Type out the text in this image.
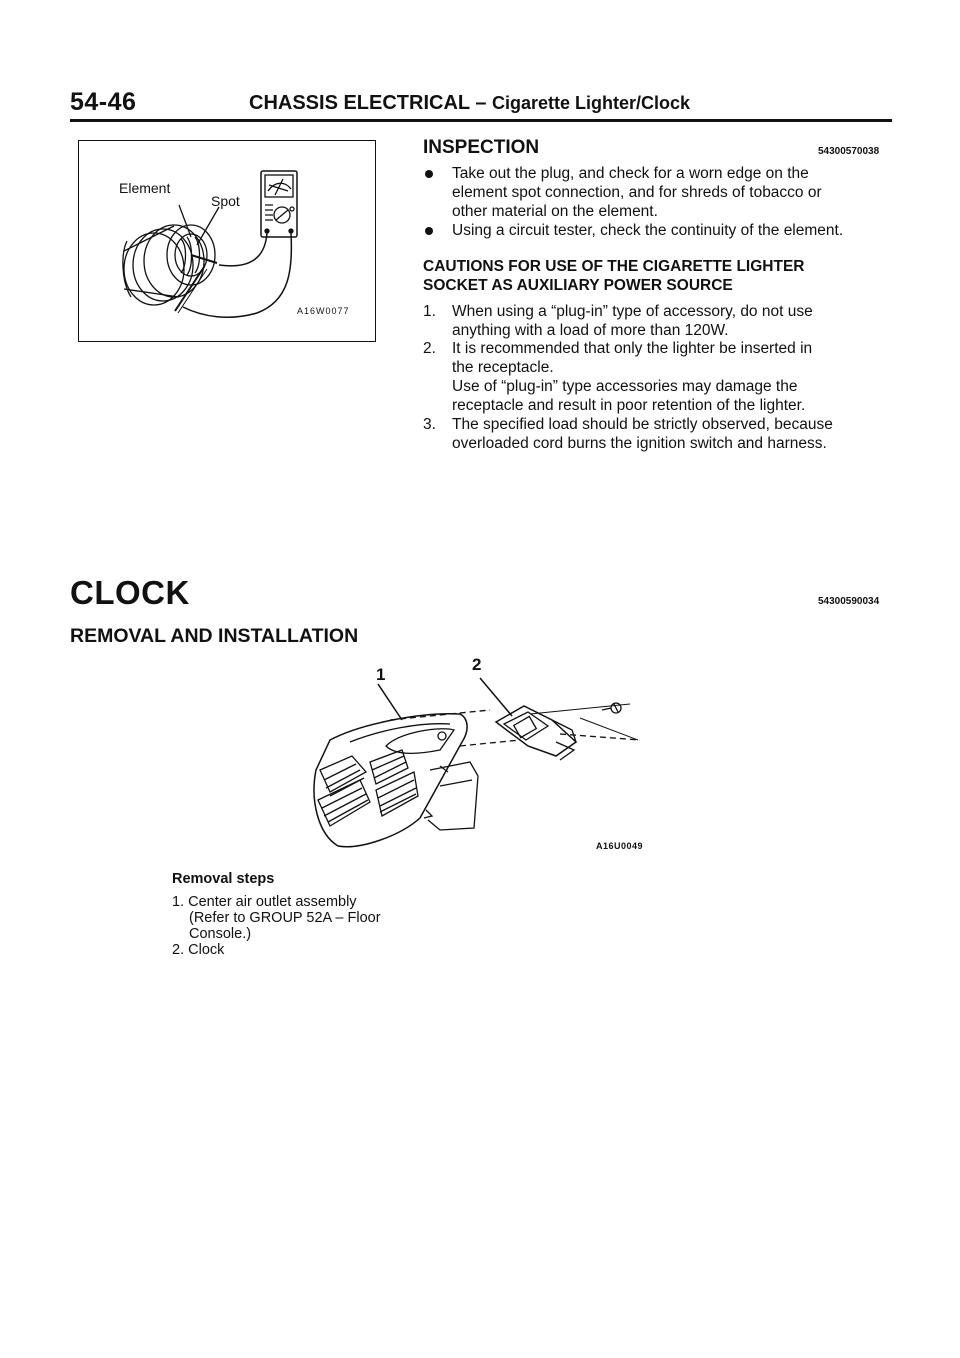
54-46	CHASSIS ELECTRICAL – Cigarette Lighter/Clock
Element
Spot
A16W0077
INSPECTION	54300570038
Take out the plug, and check for a worn edge on the
element spot connection, and for shreds of tobacco or
other material on the element.
Using a circuit tester, check the continuity of the element.
CAUTIONS FOR USE OF THE CIGARETTE LIGHTER
SOCKET AS AUXILIARY POWER SOURCE
1. When using a “plug-in” type of accessory, do not use
anything with a load of more than 120W.
2. It is recommended that only the lighter be inserted in
the receptacle.
Use of “plug-in” type accessories may damage the
receptacle and result in poor retention of the lighter.
3. The specified load should be strictly observed, because
overloaded cord burns the ignition switch and harness.
CLOCK	54300590034
REMOVAL AND INSTALLATION
1
2
A16U0049
Removal steps
1. Center air outlet assembly
(Refer to GROUP 52A – Floor
Console.)
2. Clock
